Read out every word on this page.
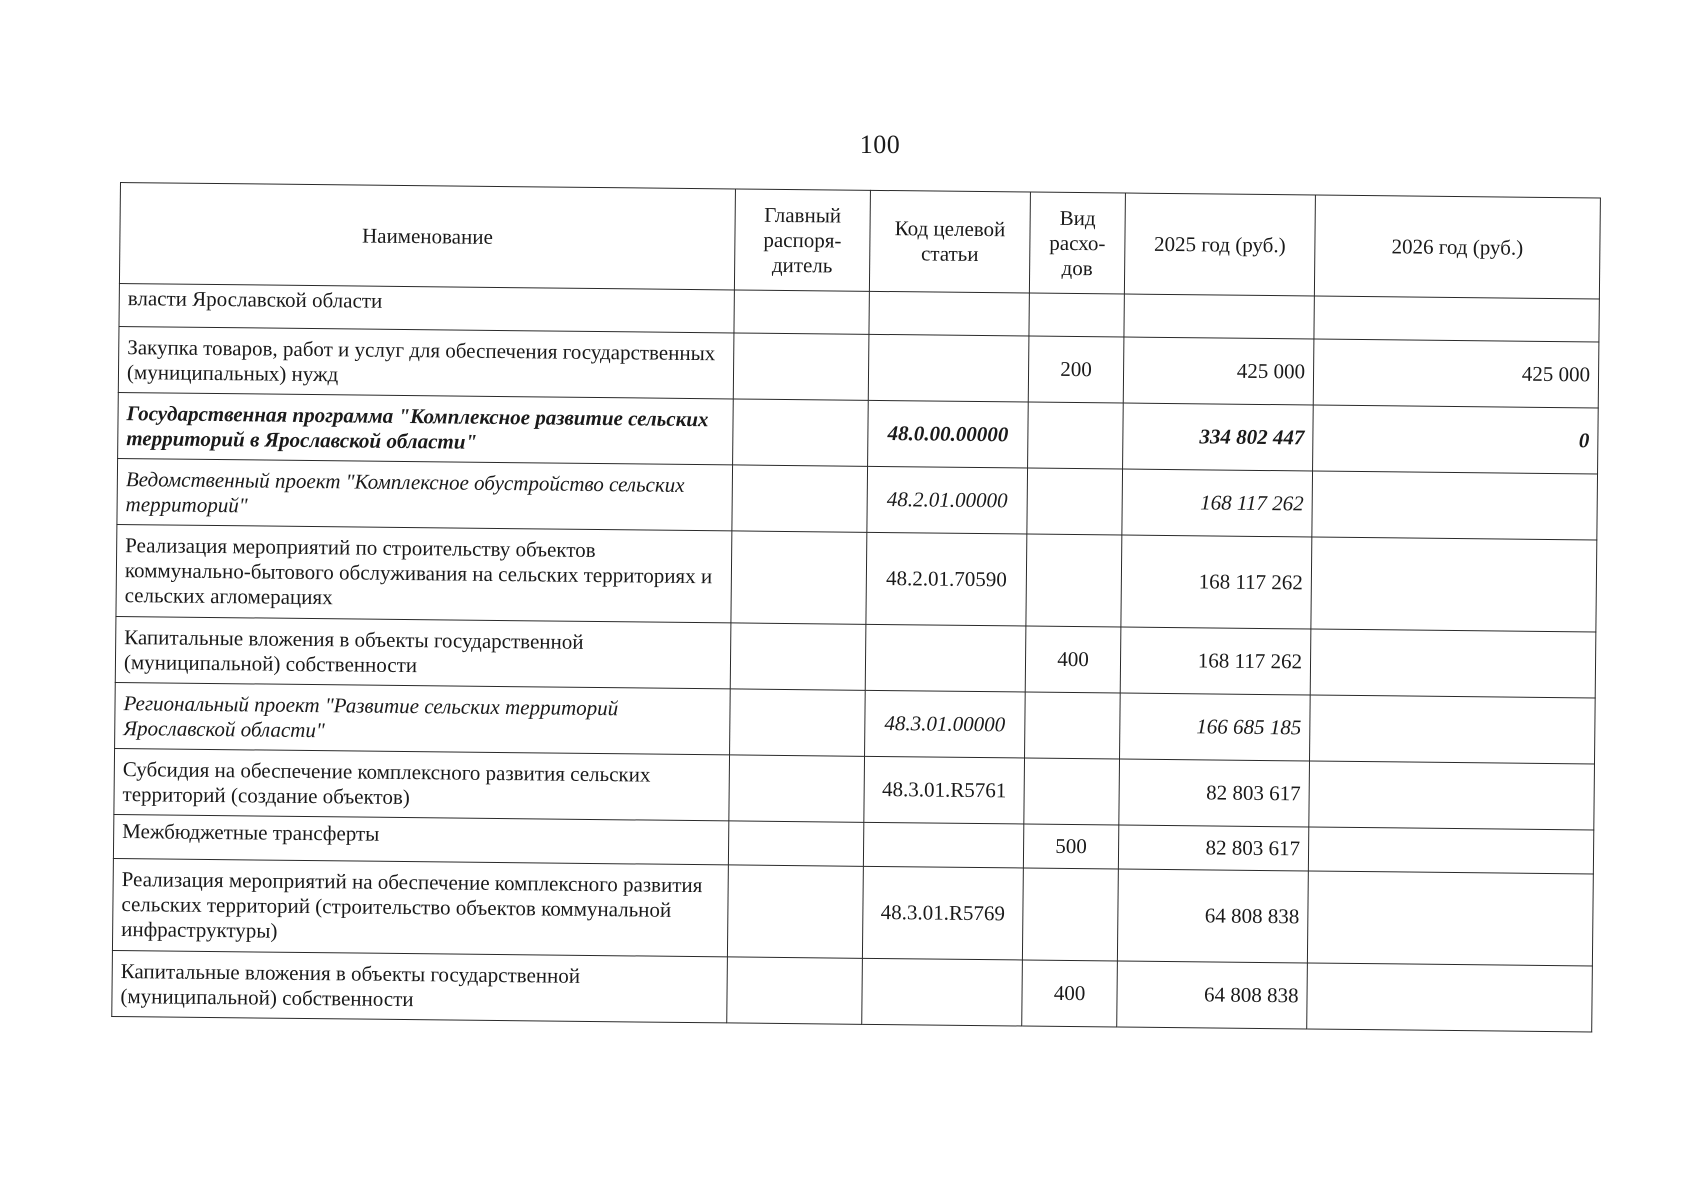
100
Наименование	Главный распоря-дитель	Код целевой статьи	Вид расхо-дов	2025 год (руб.)	2026 год (руб.)
власти Ярославской области					
Закупка товаров, работ и услуг для обеспечения государственных (муниципальных) нужд			200	425 000	425 000
Государственная программа "Комплексное развитие сельских территорий в Ярославской области"		48.0.00.00000		334 802 447	0
Ведомственный проект "Комплексное обустройство сельских территорий"		48.2.01.00000		168 117 262	
Реализация мероприятий по строительству объектов коммунально-бытового обслуживания на сельских территориях и сельских агломерациях		48.2.01.70590		168 117 262	
Капитальные вложения в объекты государственной (муниципальной) собственности			400	168 117 262	
Региональный проект "Развитие сельских территорий Ярославской области"		48.3.01.00000		166 685 185	
Субсидия на обеспечение комплексного развития сельских территорий (создание объектов)		48.3.01.R5761		82 803 617	
Межбюджетные трансферты			500	82 803 617	
Реализация мероприятий на обеспечение комплексного развития сельских территорий (строительство объектов коммунальной инфраструктуры)		48.3.01.R5769		64 808 838	
Капитальные вложения в объекты государственной (муниципальной) собственности			400	64 808 838	
